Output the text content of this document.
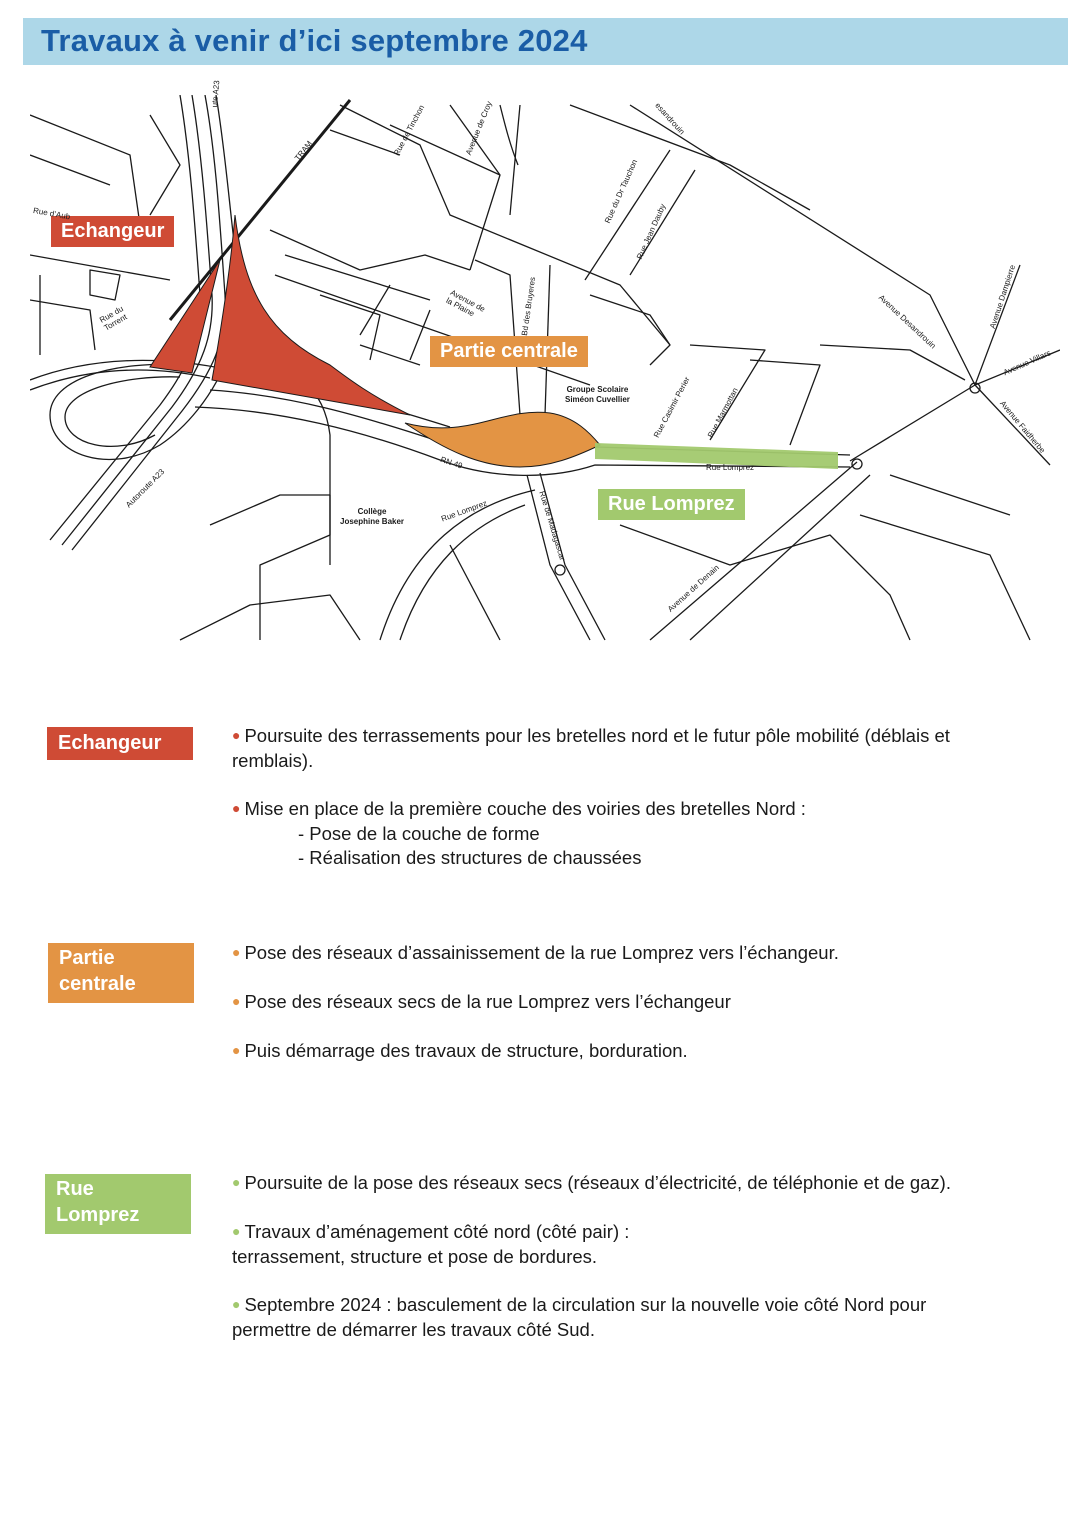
Travaux à venir d’ici septembre 2024
Echangeur
Partie centrale
Rue Lomprez
ute A23
TRAM	Rue de Tinchon	Avenue de Croy	esandrouin
Rue du Dr Tauchon
Rue Jean Dauby
Rue d’Aub
Rue du Torrent
Avenue de la Plaine	Bd des Bruyeres	Avenue Desandrouin	Avenue Dampierre
Avenue Villars
Avenue Faidherbe
Rue Casimir Perier Rue Marmottan
Rue Lomprez
RN 49
Autoroute A23
Rue Lomprez	Rue de Madagascar
Avenue de Denain
Groupe Scolaire
Siméon Cuvellier
Collège
Josephine Baker
Echangeur	● Poursuite des terrassements pour les bretelles nord et le futur pôle mobilité (déblais et remblais).

● Mise en place de la première couche des voiries des bretelles Nord :
- Pose de la couche de forme
- Réalisation des structures de chaussées

Partie
centrale

● Pose des réseaux d’assainissement de la rue Lomprez vers l’échangeur.

● Pose des réseaux secs de la rue Lomprez vers l’échangeur

● Puis démarrage des travaux de structure, borduration.

Rue
Lomprez

● Poursuite de la pose des réseaux secs (réseaux d’électricité, de téléphonie et de gaz).

● Travaux d’aménagement côté nord (côté pair) :
terrassement, structure et pose de bordures.

● Septembre 2024 : basculement de la circulation sur la nouvelle voie côté Nord pour permettre de démarrer les travaux côté Sud.
